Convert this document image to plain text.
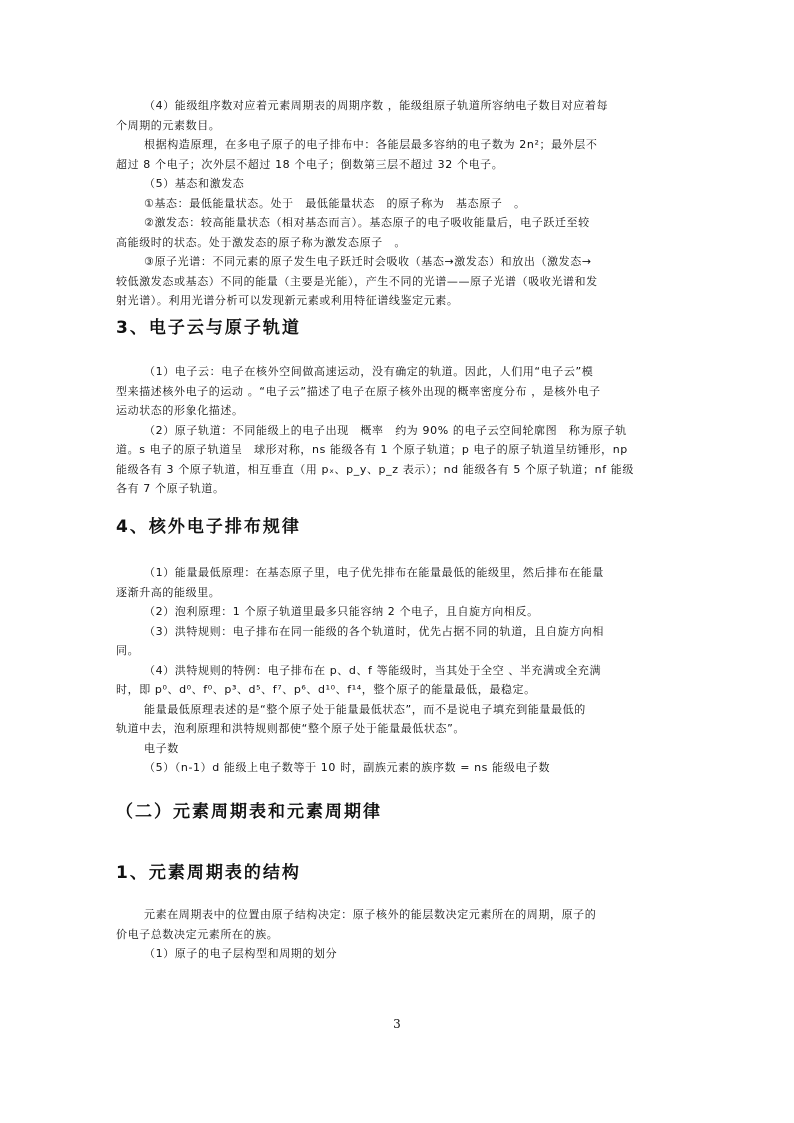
（4）能级组序数对应着元素周期表的周期序数 ，能级组原子轨道所容纳电子数目对应着每

个周期的元素数目。

根据构造原理，在多电子原子的电子排布中：各能层最多容纳的电子数为 2n²；最外层不

超过 8 个电子；次外层不超过 18 个电子；倒数第三层不超过 32 个电子。

（5）基态和激发态

①基态：最低能量状态。处于　最低能量状态　的原子称为　基态原子　。

②激发态：较高能量状态（相对基态而言）。基态原子的电子吸收能量后，电子跃迁至较

高能级时的状态。处于激发态的原子称为激发态原子　。

③原子光谱：不同元素的原子发生电子跃迁时会吸收（基态→激发态）和放出（激发态→

较低激发态或基态）不同的能量（主要是光能），产生不同的光谱——原子光谱（吸收光谱和发

射光谱）。利用光谱分析可以发现新元素或利用特征谱线鉴定元素。

3、电子云与原子轨道

（1）电子云：电子在核外空间做高速运动，没有确定的轨道。因此，人们用“电子云”模

型来描述核外电子的运动 。“电子云”描述了电子在原子核外出现的概率密度分布 ，是核外电子

运动状态的形象化描述。

（2）原子轨道：不同能级上的电子出现　概率　约为 90% 的电子云空间轮廓图　称为原子轨

道。s 电子的原子轨道呈　球形对称，ns 能级各有 1 个原子轨道；p 电子的原子轨道呈纺锤形，np

能级各有 3 个原子轨道，相互垂直（用 pₓ、p_y、p_z 表示）；nd 能级各有 5 个原子轨道；nf 能级

各有 7 个原子轨道。

4、核外电子排布规律

（1）能量最低原理：在基态原子里，电子优先排布在能量最低的能级里，然后排布在能量

逐渐升高的能级里。

（2）泡利原理：1 个原子轨道里最多只能容纳 2 个电子，且自旋方向相反。

（3）洪特规则：电子排布在同一能级的各个轨道时，优先占据不同的轨道，且自旋方向相

同。

（4）洪特规则的特例：电子排布在 p、d、f 等能级时，当其处于全空 、半充满或全充满

时，即 p⁰、d⁰、f⁰、p³、d⁵、f⁷、p⁶、d¹⁰、f¹⁴，整个原子的能量最低，最稳定。

能量最低原理表述的是“整个原子处于能量最低状态”，而不是说电子填充到能量最低的

轨道中去，泡利原理和洪特规则都使“整个原子处于能量最低状态”。

电子数

（5）（n-1）d 能级上电子数等于 10 时，副族元素的族序数 = ns 能级电子数

（二）元素周期表和元素周期律
1、元素周期表的结构

元素在周期表中的位置由原子结构决定：原子核外的能层数决定元素所在的周期，原子的

价电子总数决定元素所在的族。

（1）原子的电子层构型和周期的划分

3
